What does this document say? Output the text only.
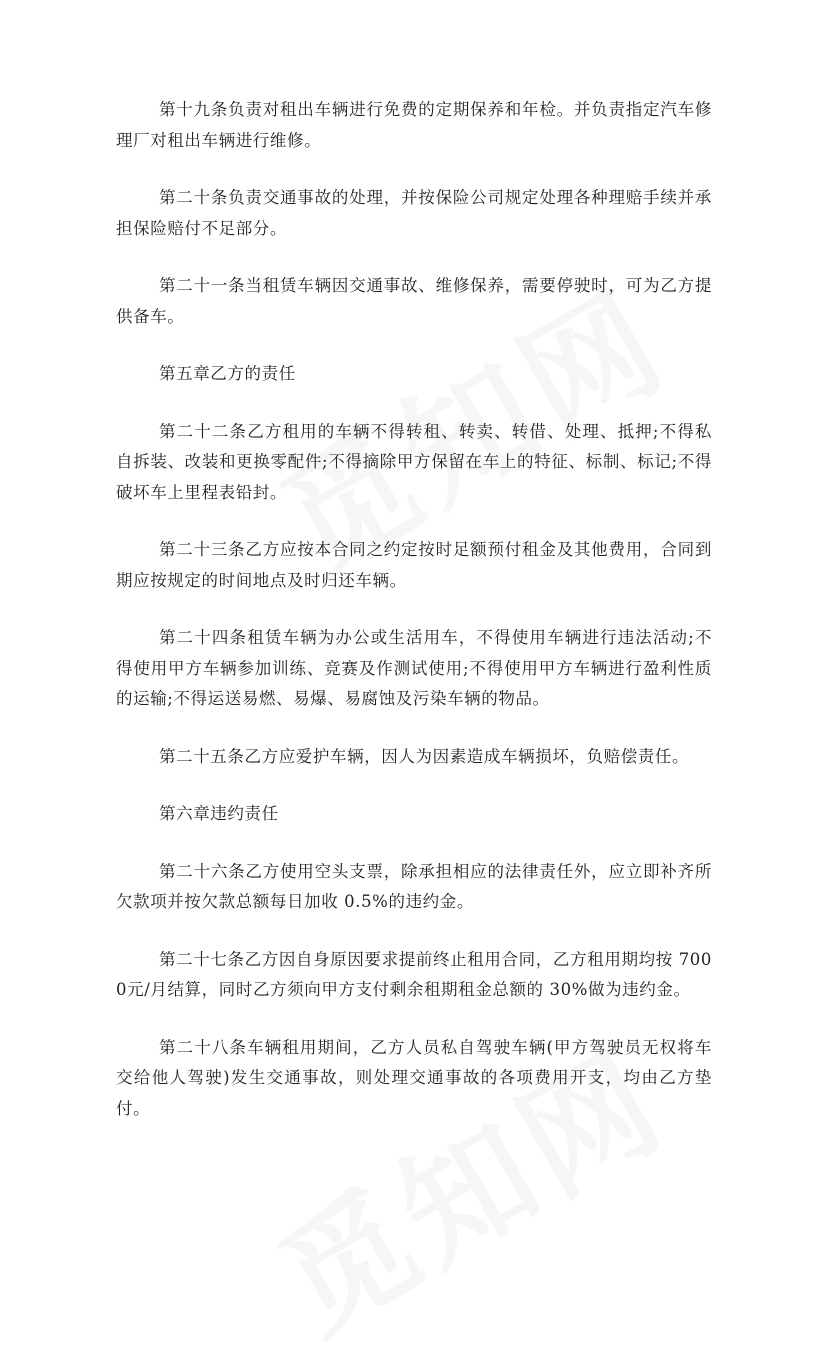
第十九条负责对租出车辆进行免费的定期保养和年检。并负责指定汽车修理厂对租出车辆进行维修。

第二十条负责交通事故的处理，并按保险公司规定处理各种理赔手续并承担保险赔付不足部分。

第二十一条当租赁车辆因交通事故、维修保养，需要停驶时，可为乙方提供备车。

第五章乙方的责任

第二十二条乙方租用的车辆不得转租、转卖、转借、处理、抵押;不得私自拆装、改装和更换零配件;不得摘除甲方保留在车上的特征、标制、标记;不得破坏车上里程表铅封。

第二十三条乙方应按本合同之约定按时足额预付租金及其他费用，合同到期应按规定的时间地点及时归还车辆。

第二十四条租赁车辆为办公或生活用车，不得使用车辆进行违法活动;不得使用甲方车辆参加训练、竞赛及作测试使用;不得使用甲方车辆进行盈利性质的运输;不得运送易燃、易爆、易腐蚀及污染车辆的物品。

第二十五条乙方应爱护车辆，因人为因素造成车辆损坏，负赔偿责任。

第六章违约责任

第二十六条乙方使用空头支票，除承担相应的法律责任外，应立即补齐所欠款项并按欠款总额每日加收 0.5%的违约金。

第二十七条乙方因自身原因要求提前终止租用合同，乙方租用期均按 7000元/月结算，同时乙方须向甲方支付剩余租期租金总额的 30%做为违约金。

第二十八条车辆租用期间，乙方人员私自驾驶车辆(甲方驾驶员无权将车交给他人驾驶)发生交通事故，则处理交通事故的各项费用开支，均由乙方垫付。
